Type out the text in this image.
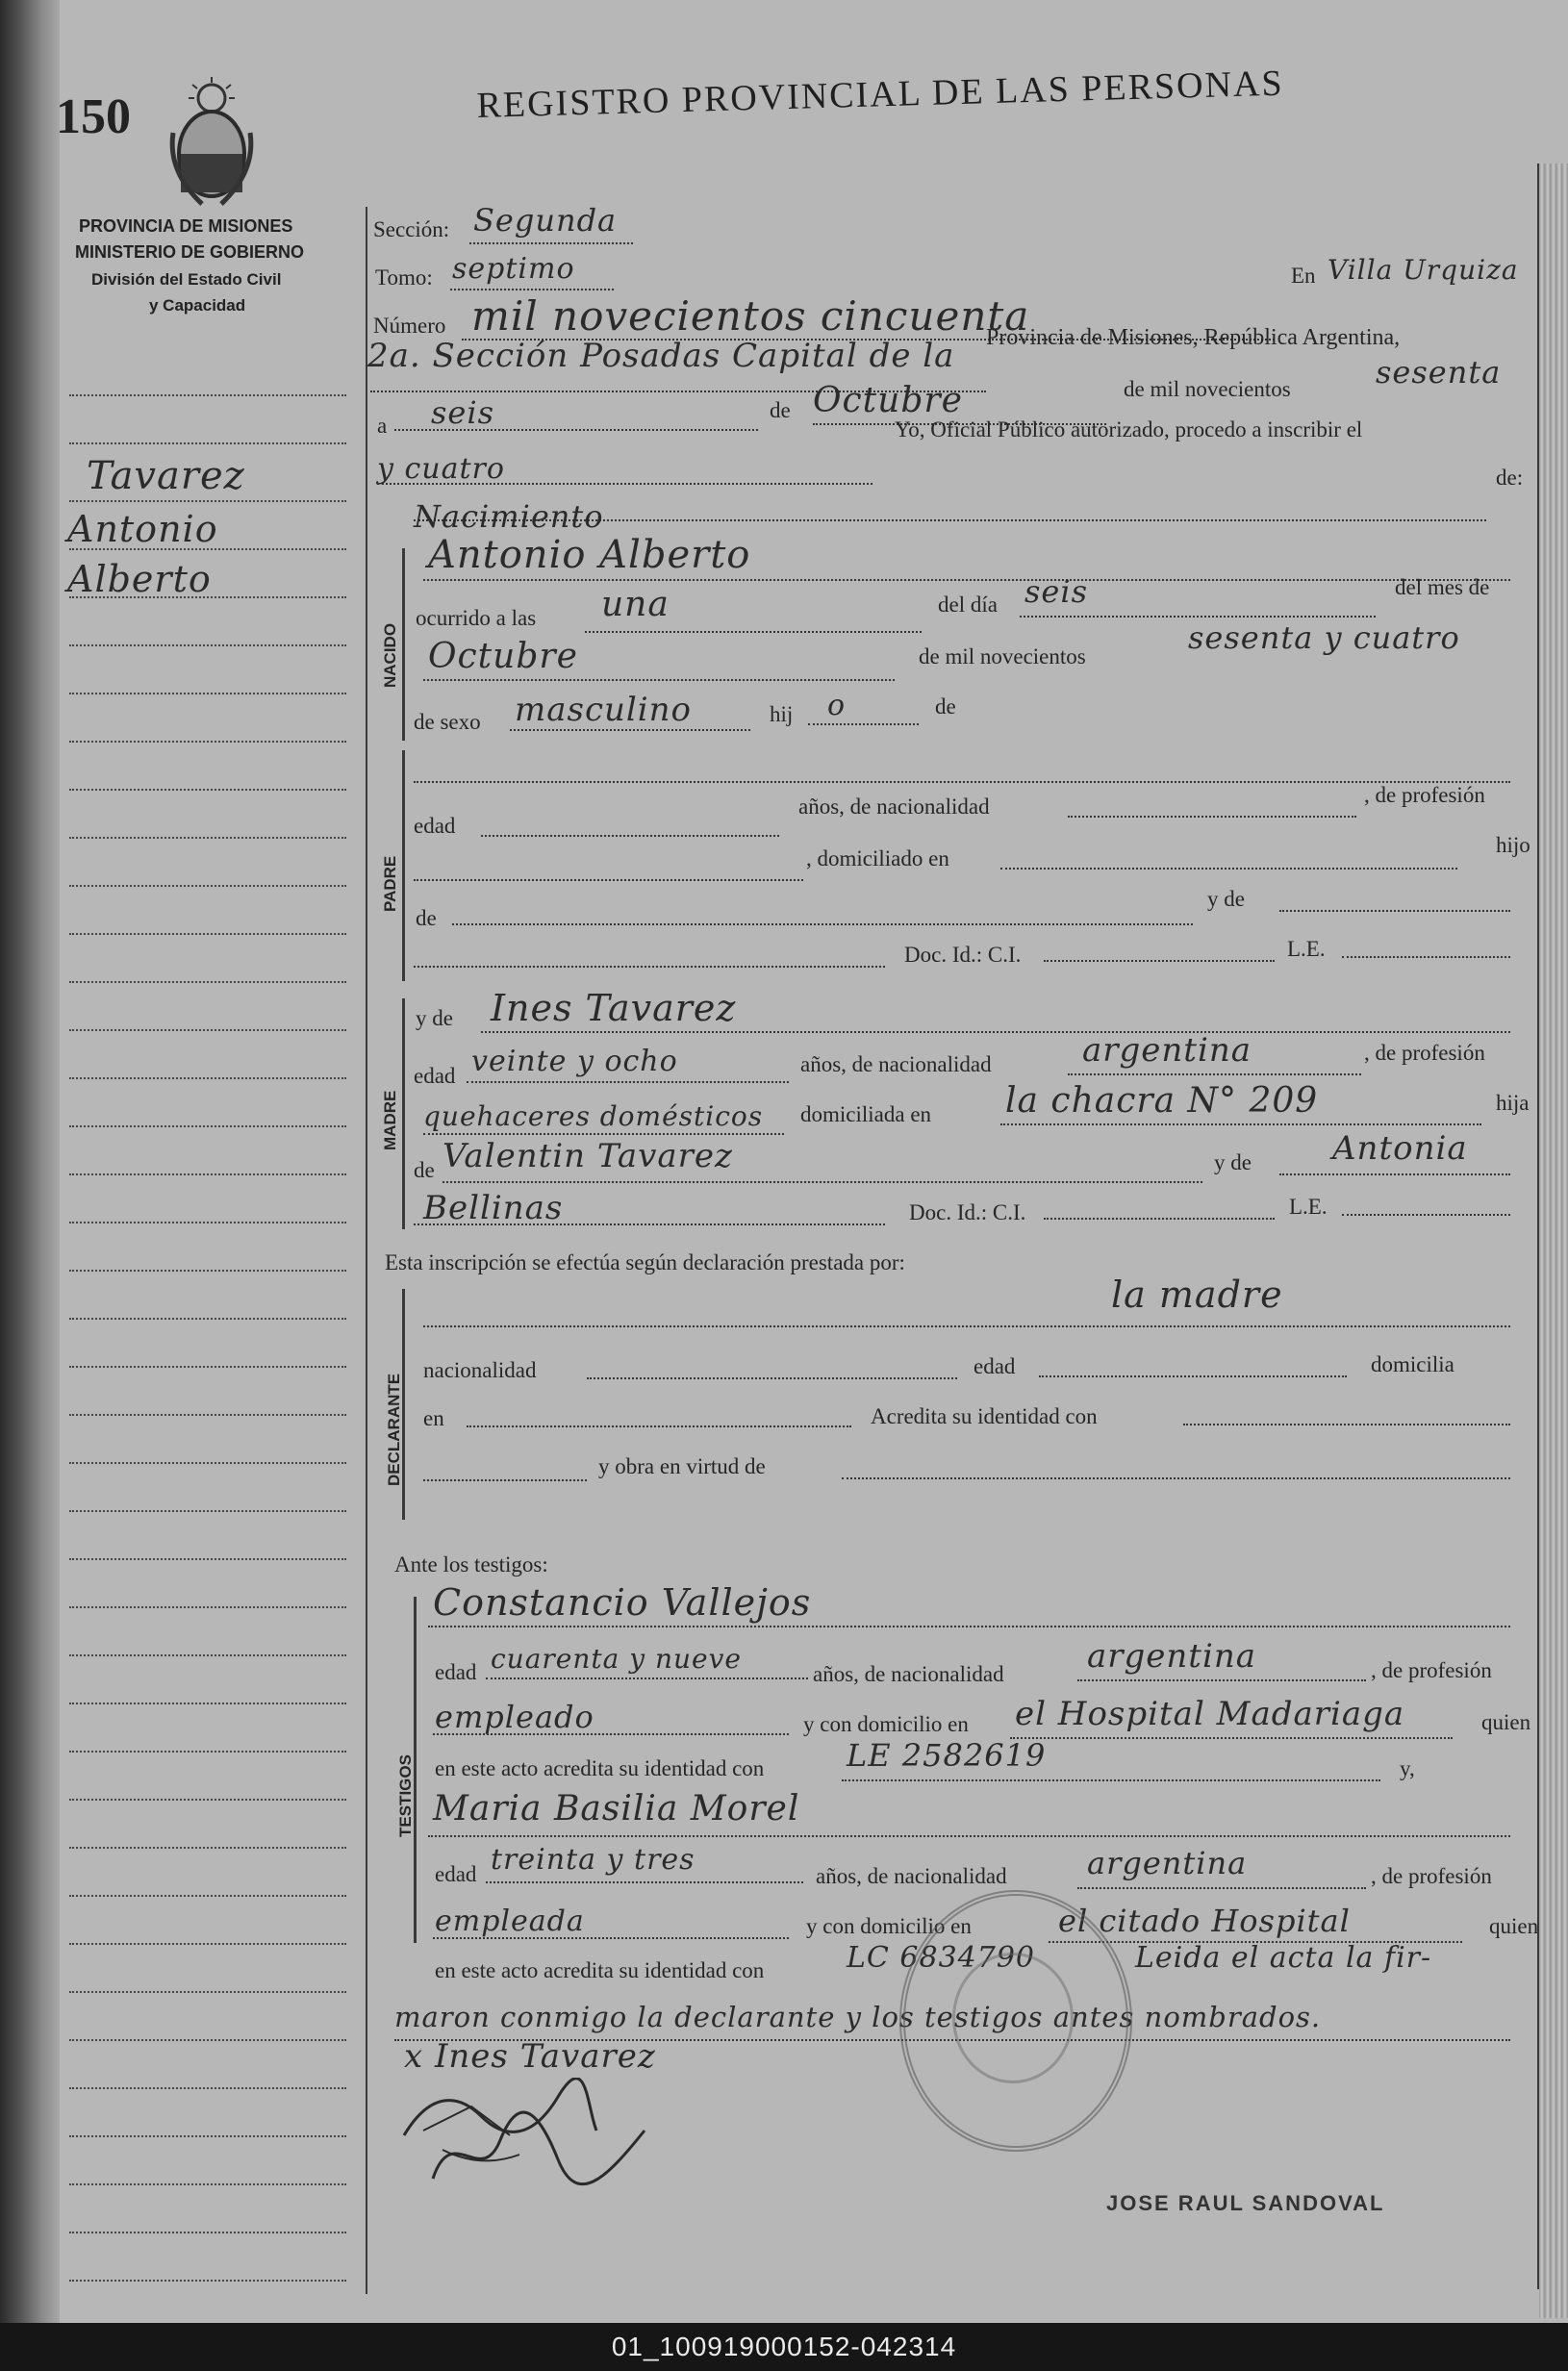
150	REGISTRO PROVINCIAL DE LAS PERSONAS
PROVINCIA DE MISIONES
MINISTERIO DE GOBIERNO
División del Estado Civil
y Capacidad
Tavarez
Antonio
Alberto
Sección: Segunda
Tomo: septimo	En Villa Urquiza
Número mil novecientos cincuenta
2a. Sección Posadas Capital de la Provincia de Misiones, República Argentina,
a seis	de Octubre	de mil novecientos	sesenta
y cuatro
Yo, Oficial Público autorizado, procedo a inscribir el
de:
Nacimiento
NACIDO
Antonio Alberto
ocurrido a las una	del día seis	del mes de
Octubre	de mil novecientos
sesenta y cuatro
de sexo masculino	hij o	de
PADRE
edad
años, de nacionalidad	, de profesión
, domiciliado en
hijo
de
y de
Doc. Id.: C.I.	L.E.
MADRE
y de Ines Tavarez
edad veinte y ocho	años, de nacionalidad	argentina	, de profesión
quehaceres domésticos domiciliada en la chacra N° 209	hija
de Valentin Tavarez	y de Antonia
Bellinas	Doc. Id.: C.I.	L.E.
Esta inscripción se efectúa según declaración prestada por:
DECLARANTE
la madre
nacionalidad	edad	domicilia
en	Acredita su identidad con
y obra en virtud de
Ante los testigos:
TESTIGOS
Constancio Vallejos
edad cuarenta y nueve	años, de nacionalidad	argentina	, de profesión
empleado	y con domicilio en el Hospital Madariaga	quien
en este acto acredita su identidad con	LE 2582619	y,
Maria Basilia Morel
edad treinta y tres	años, de nacionalidad	argentina	, de profesión
empleada	y con domicilio en	el citado Hospital	quien
en este acto acredita su identidad con	LC 6834790	Leida el acta la fir-
maron conmigo la declarante y los testigos antes nombrados.
x Ines Tavarez
JOSE RAUL SANDOVAL
01_100919000152-042314
